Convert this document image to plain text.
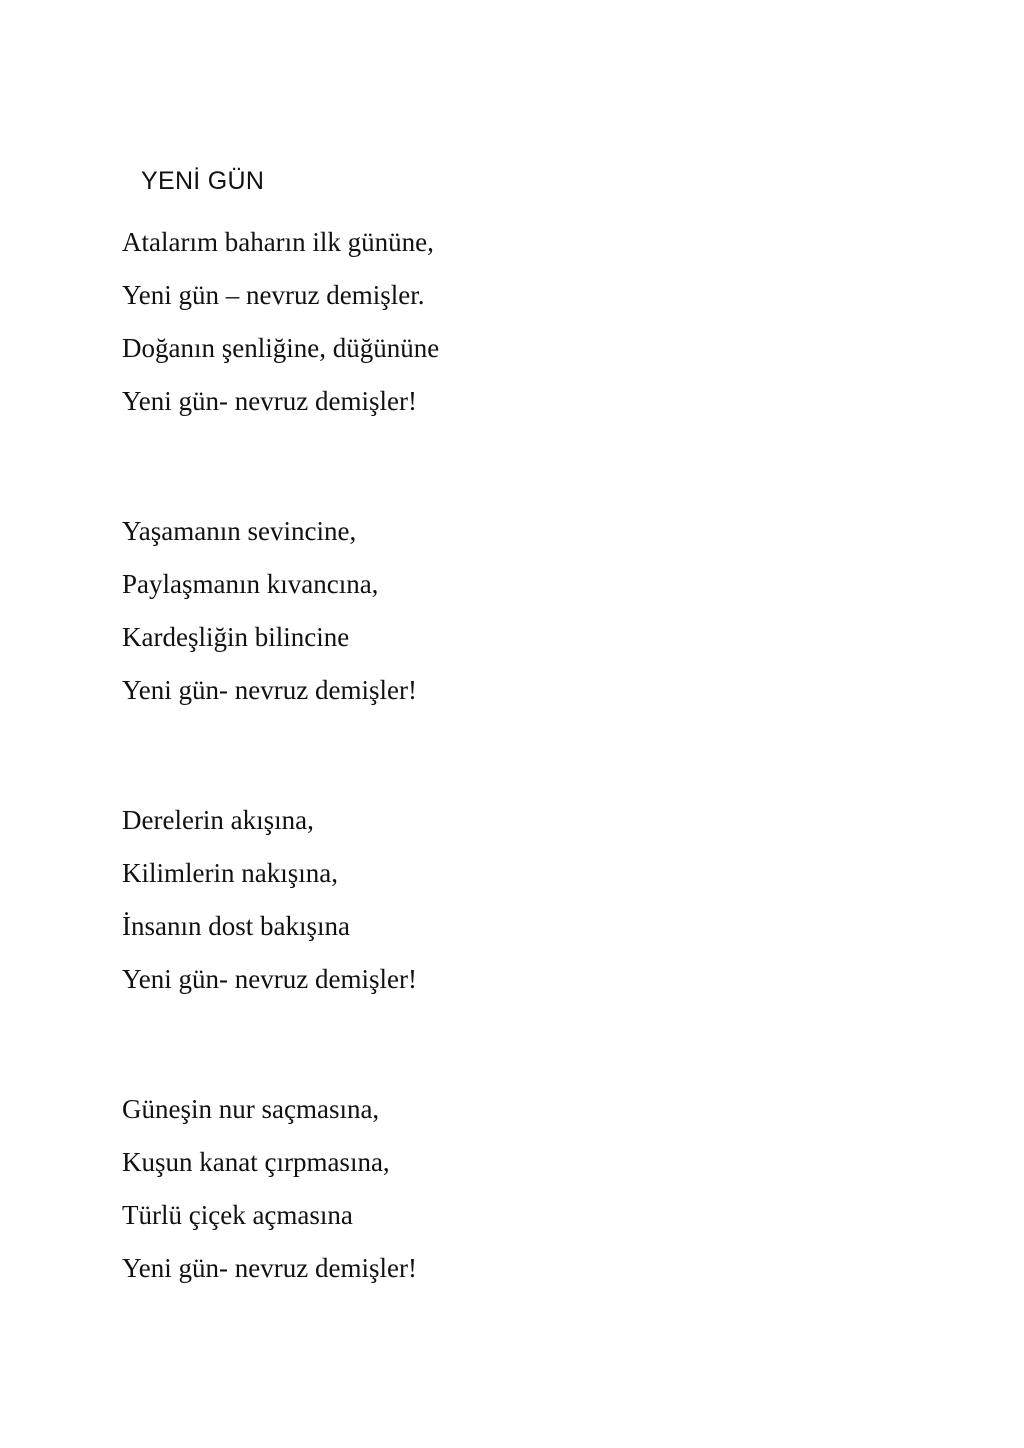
YENİ GÜN
Atalarım baharın ilk gününe,
Yeni gün – nevruz demişler.
Doğanın şenliğine, düğününe
Yeni gün- nevruz demişler!
Yaşamanın sevincine,
Paylaşmanın kıvancına,
Kardeşliğin bilincine
Yeni gün- nevruz demişler!
Derelerin akışına,
Kilimlerin nakışına,
İnsanın dost bakışına
Yeni gün- nevruz demişler!
Güneşin nur saçmasına,
Kuşun kanat çırpmasına,
Türlü çiçek açmasına
Yeni gün- nevruz demişler!
